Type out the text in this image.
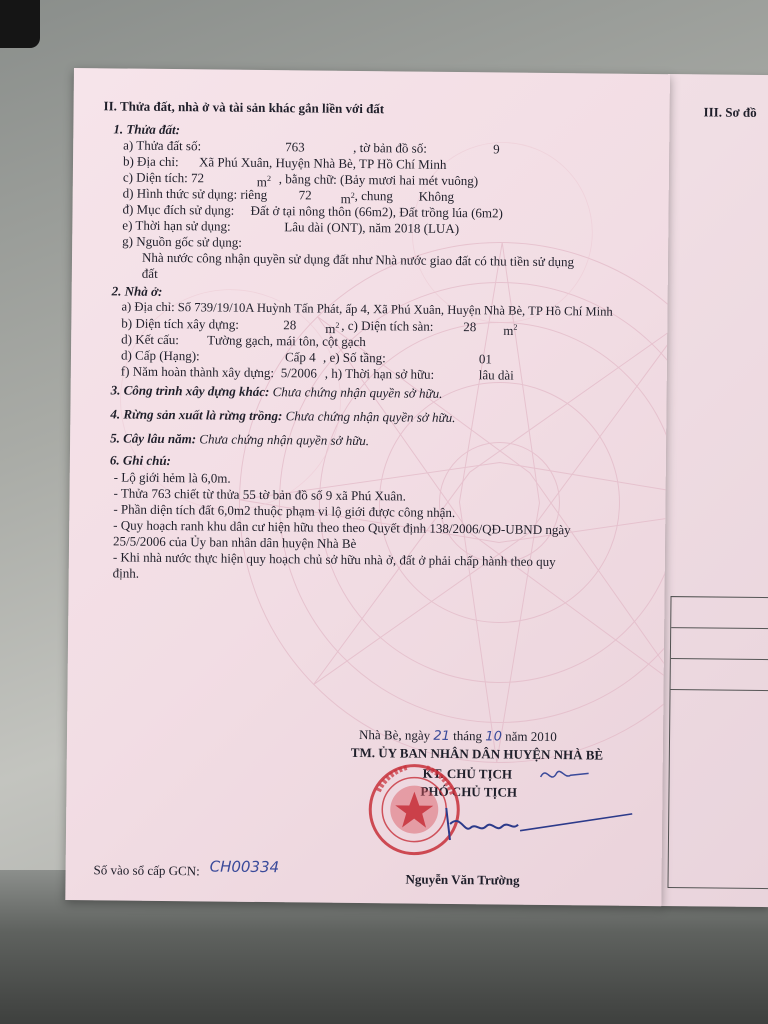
III. Sơ đồ
II. Thửa đất, nhà ở và tài sản khác gắn liền với đất
1. Thửa đất:
a) Thửa đất số:	763	, tờ bản đồ số:	9
b) Địa chỉ: Xã Phú Xuân, Huyện Nhà Bè, TP Hồ Chí Minh
c) Diện tích: 72	$m^2$ , bằng chữ: (Bảy mươi hai mét vuông)
d) Hình thức sử dụng: riêng 72 $m^2$ , chung Không
đ) Mục đích sử dụng: Đất ở tại nông thôn (66m2), Đất trồng lúa (6m2)
e) Thời hạn sử dụng:	Lâu dài (ONT), năm 2018 (LUA)
g) Nguồn gốc sử dụng:
Nhà nước công nhận quyền sử dụng đất như Nhà nước giao đất có thu tiền sử dụng
đất
2. Nhà ở:
a) Địa chỉ: Số 739/19/10A Huỳnh Tấn Phát, ấp 4, Xã Phú Xuân, Huyện Nhà Bè, TP Hồ Chí Minh
b) Diện tích xây dựng:	28 $m^2$ , c) Diện tích sàn: 28 $m^2$
d) Kết cấu: Tường gạch, mái tôn, cột gạch
d) Cấp (Hạng):	Cấp 4 , e) Số tầng:	01
f) Năm hoàn thành xây dựng: 5/2006 , h) Thời hạn sở hữu:	lâu dài
3. Công trình xây dựng khác: Chưa chứng nhận quyền sở hữu.
4. Rừng sản xuất là rừng trồng: Chưa chứng nhận quyền sở hữu.
5. Cây lâu năm: Chưa chứng nhận quyền sở hữu.
6. Ghi chú:
- Lộ giới hẻm là 6,0m.
- Thửa 763 chiết từ thửa 55 tờ bản đồ số 9 xã Phú Xuân.
- Phần diện tích đất 6,0m2 thuộc phạm vi lộ giới được công nhận.
- Quy hoạch ranh khu dân cư hiện hữu theo theo Quyết định 138/2006/QĐ-UBND ngày
25/5/2006 của Ủy ban nhân dân huyện Nhà Bè
- Khi nhà nước thực hiện quy hoạch chủ sở hữu nhà ở, đất ở phải chấp hành theo quy
định.
Nhà Bè, ngày 21 tháng 10 năm 2010
TM. ỦY BAN NHÂN DÂN HUYỆN NHÀ BÈ
KT. CHỦ TỊCH
PHÓ CHỦ TỊCH
Nguyễn Văn Trường
Số vào sổ cấp GCN: CH00334
